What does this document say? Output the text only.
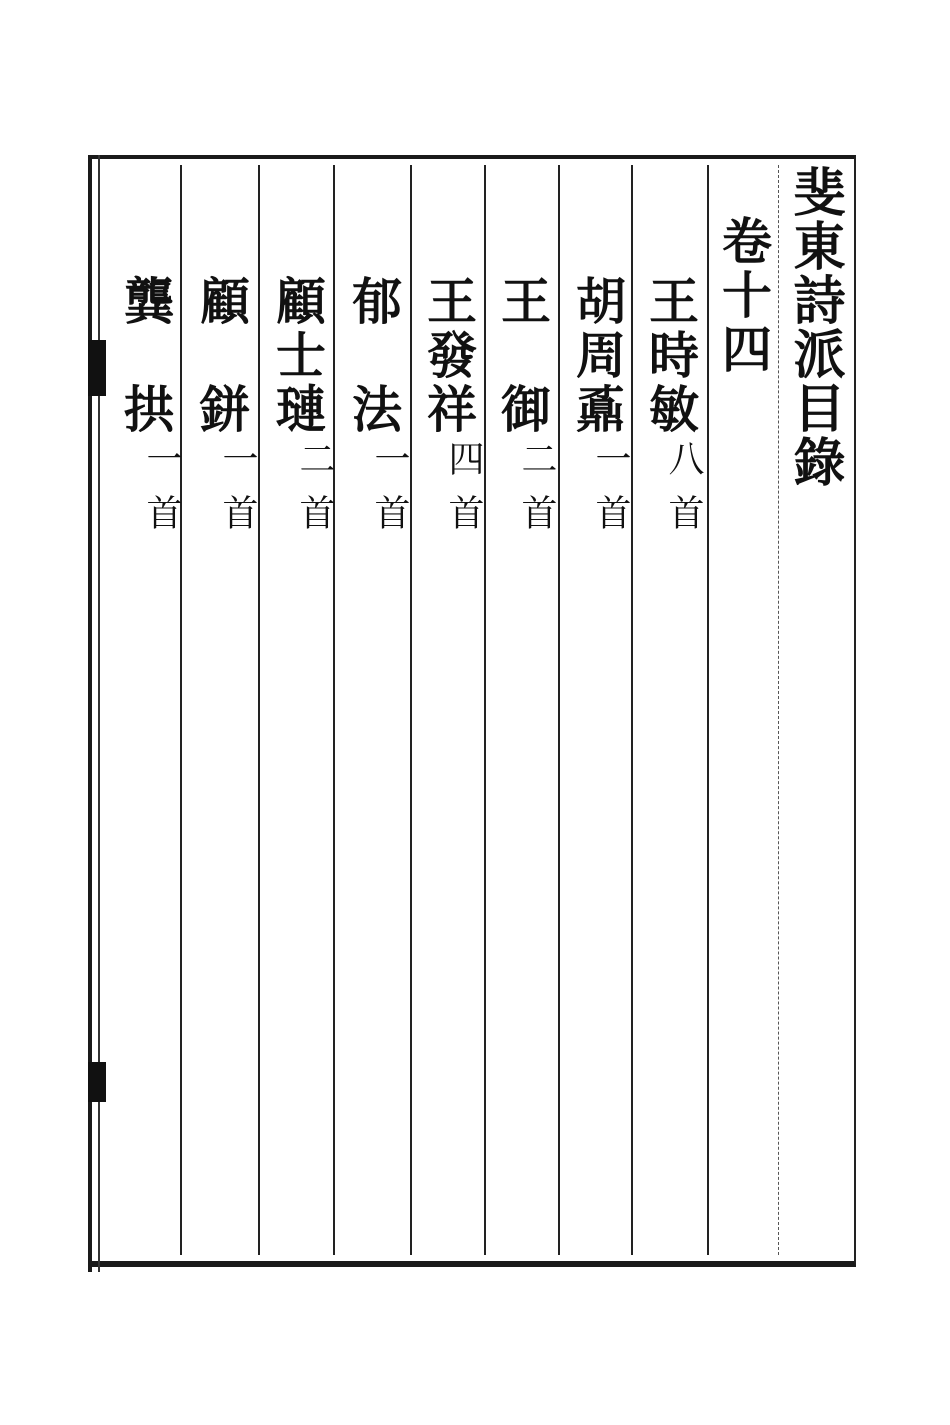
斐東詩派目錄
卷十四
王時敏
胡周鼒
王　御
王發祥
郁　法
顧士璉
顧　鉼
龔　拱
八首
一首
二首
四首
一首
二首
一首
一首
